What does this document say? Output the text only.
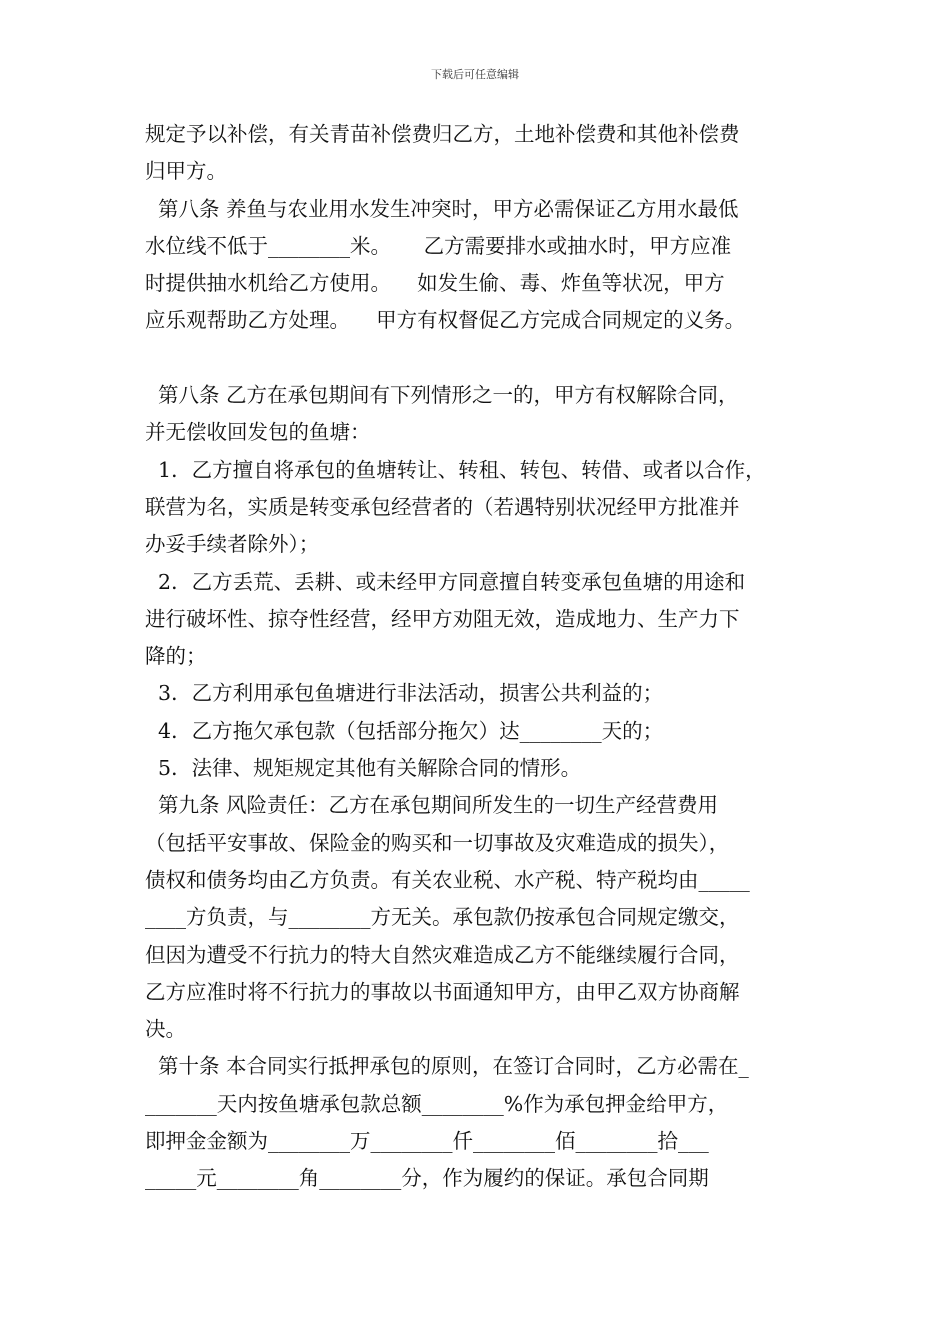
下载后可任意编辑
规定予以补偿，有关青苗补偿费归乙方，土地补偿费和其他补偿费
归甲方。
第八条 养鱼与农业用水发生冲突时，甲方必需保证乙方用水最低
水位线不低于________米。     乙方需要排水或抽水时，甲方应准
时提供抽水机给乙方使用。    如发生偷、毒、炸鱼等状况，甲方
应乐观帮助乙方处理。    甲方有权督促乙方完成合同规定的义务。
第八条 乙方在承包期间有下列情形之一的，甲方有权解除合同，
并无偿收回发包的鱼塘：
1．乙方擅自将承包的鱼塘转让、转租、转包、转借、或者以合作，
联营为名，实质是转变承包经营者的（若遇特别状况经甲方批准并
办妥手续者除外）；
2．乙方丢荒、丢耕、或未经甲方同意擅自转变承包鱼塘的用途和
进行破坏性、掠夺性经营，经甲方劝阻无效，造成地力、生产力下
降的；
3．乙方利用承包鱼塘进行非法活动，损害公共利益的；
4．乙方拖欠承包款（包括部分拖欠）达________天的；
5．法律、规矩规定其他有关解除合同的情形。
第九条 风险责任：乙方在承包期间所发生的一切生产经营费用
（包括平安事故、保险金的购买和一切事故及灾难造成的损失），
债权和债务均由乙方负责。有关农业税、水产税、特产税均由_____
____方负责，与________方无关。承包款仍按承包合同规定缴交，
但因为遭受不行抗力的特大自然灾难造成乙方不能继续履行合同，
乙方应准时将不行抗力的事故以书面通知甲方，由甲乙双方协商解
决。
第十条 本合同实行抵押承包的原则，在签订合同时，乙方必需在_
_______天内按鱼塘承包款总额________%作为承包押金给甲方，
即押金金额为________万________仟________佰________拾___
_____元________角________分，作为履约的保证。承包合同期
